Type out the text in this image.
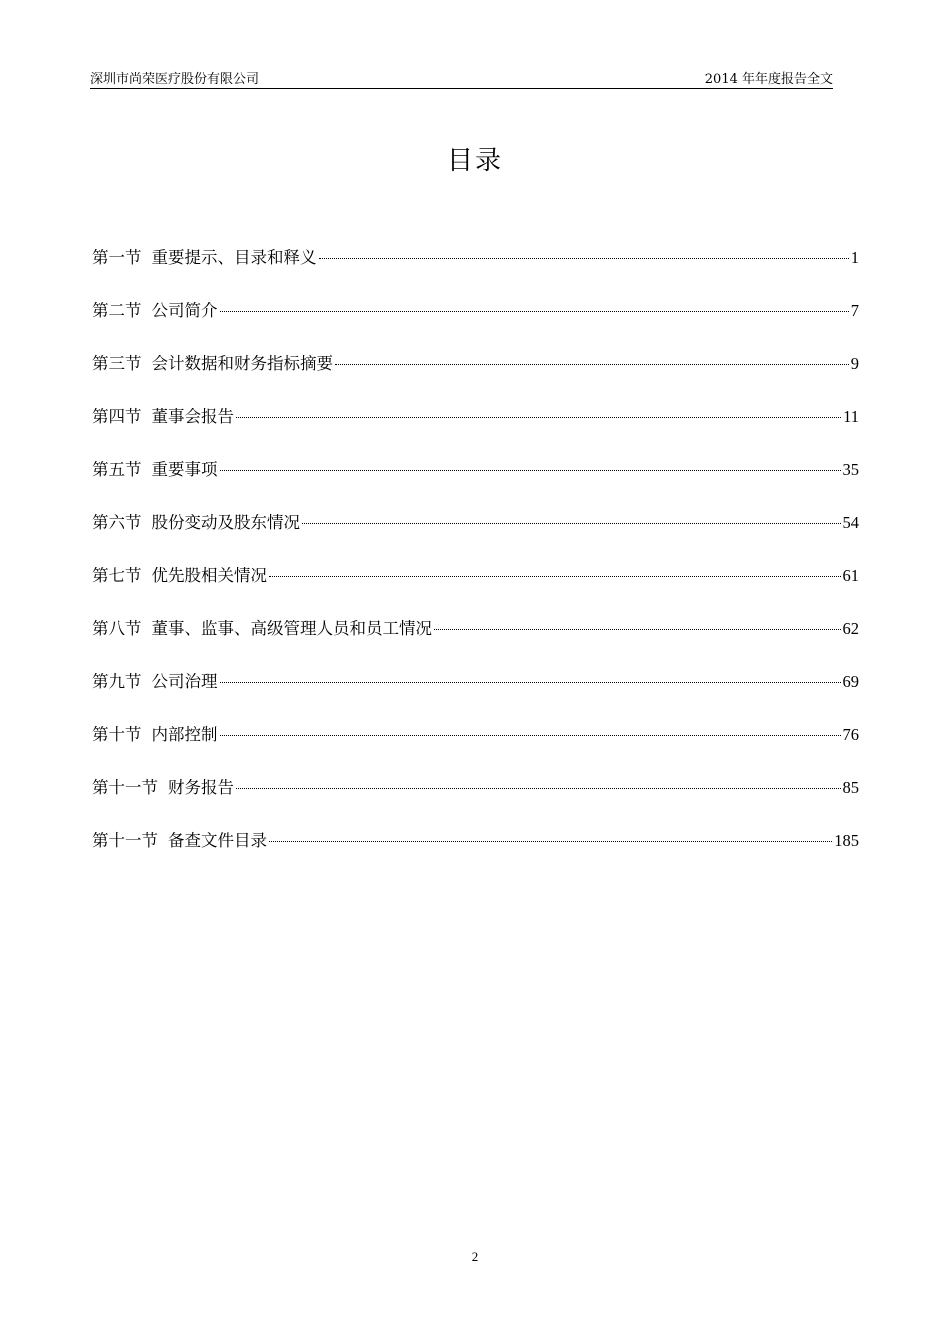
深圳市尚荣医疗股份有限公司	2014 年年度报告全文
目录
第一节 重要提示、目录和释义	1
第二节 公司简介	7
第三节 会计数据和财务指标摘要	9
第四节 董事会报告	11
第五节 重要事项	35
第六节 股份变动及股东情况	54
第七节 优先股相关情况	61
第八节 董事、监事、高级管理人员和员工情况	62
第九节 公司治理	69
第十节 内部控制	76
第十一节 财务报告	85
第十一节 备查文件目录	185
2
